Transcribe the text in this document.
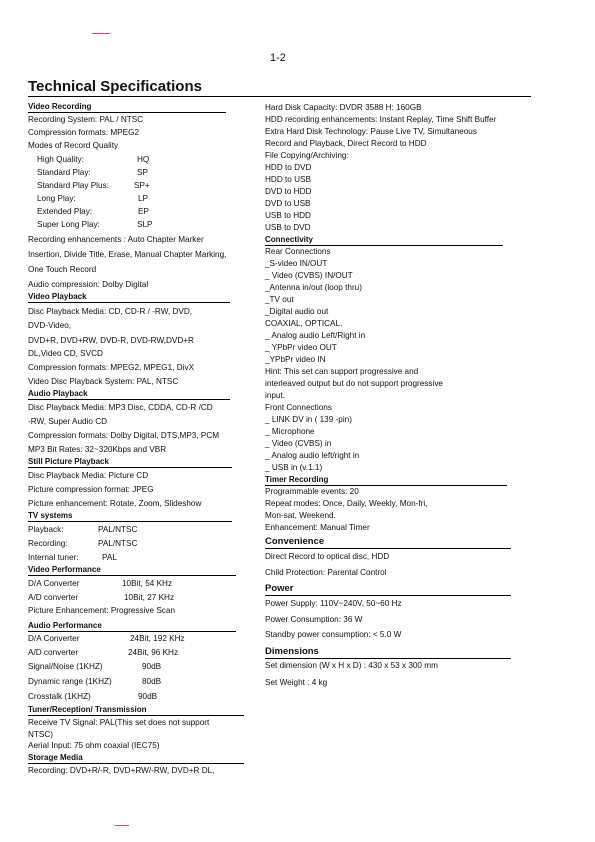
1-2
Technical Specifications
Video Recording
Recording System: PAL / NTSC
Compression formats: MPEG2
Modes of Record Quality
High Quality:	HQ
Standard Play:	SP
Standard Play Plus:	SP+
Long Play:	LP
Extended Play:	EP
Super Long Play:	SLP
Recording enhancements : Auto Chapter Marker
Insertion, Divide Title, Erase, Manual Chapter Marking,
One Touch Record
Audio compression: Dolby Digital
Video Playback
Disc Playback Media: CD, CD-R / -RW, DVD,
DVD-Video,
DVD+R, DVD+RW, DVD-R, DVD-RW,DVD+R
DL,Video CD, SVCD
Compression formats: MPEG2, MPEG1, DivX
Video Disc Playback System: PAL, NTSC
Audio Playback
Disc Playback Media: MP3 Disc, CDDA, CD-R /CD
-RW, Super Audio CD
Compression formats: Dolby Digital, DTS,MP3, PCM
MP3 Bit Rates: 32~320Kbps and VBR
Still Picture Playback
Disc Playback Media: Picture CD
Picture compression format: JPEG
Picture enhancement: Rotate, Zoom, Slideshow
TV systems
Playback:	PAL/NTSC
Recording:	PAL/NTSC
Internal tuner:	PAL
Video Performance
D/A Converter	10Bit, 54 KHz
A/D converter	10Bit, 27 KHz
Picture Enhancement: Progressive Scan
Audio Performance
D/A Converter	24Bit, 192 KHz
A/D converter	24Bit, 96 KHz
Signal/Noise (1KHZ)	90dB
Dynamic range (1KHZ)	80dB
Crosstalk (1KHZ)	90dB
Tuner/Reception/ Transmission
Receive TV Signal: PAL(This set does not support
NTSC)
Aerial Input: 75 ohm coaxial (IEC75)
Storage Media
Recording: DVD+R/-R, DVD+RW/-RW, DVD+R DL,
Hard Disk Capacity: DVDR 3588 H: 160GB
HDD recording enhancements: Instant Replay, Time Shift Buffer
Extra Hard Disk Technology: Pause Live TV, Simultaneous
Record and Playback, Direct Record to HDD
File Copying/Archiving:
HDD to DVD
HDD to USB
DVD to HDD
DVD to USB
USB to HDD
USB to DVD
Connectivity
Rear Connections
_S-video IN/OUT
_ Video (CVBS) IN/OUT
_Antenna in/out (loop thru)
_TV out
_Digital audio out
COAXIAL, OPTICAL.
_ Analog audio Left/Right in
_ YPbPr video OUT
_YPbPr video IN
Hint: This set can support progressive and
interleaved output but do not support progressive
input.
Front Connections
_ LINK DV in ( 139 -pin)
_ Microphone
_ Video (CVBS) in
_ Analog audio left/right in
_ USB in (v.1.1)
Timer Recording
Programmable events: 20
Repeat modes: Once, Daily, Weekly, Mon-fri,
Mon-sat, Weekend.
Enhancement: Manual Timer
Convenience
Direct Record to optical disc, HDD
Child Protection: Parental Control
Power
Power Supply: 110V~240V, 50~60 Hz
Power Consumption: 36 W
Standby power consumption: < 5.0 W
Dimensions
Set dimension (W x H x D) : 430 x 53 x 300 mm
Set Weight : 4 kg
